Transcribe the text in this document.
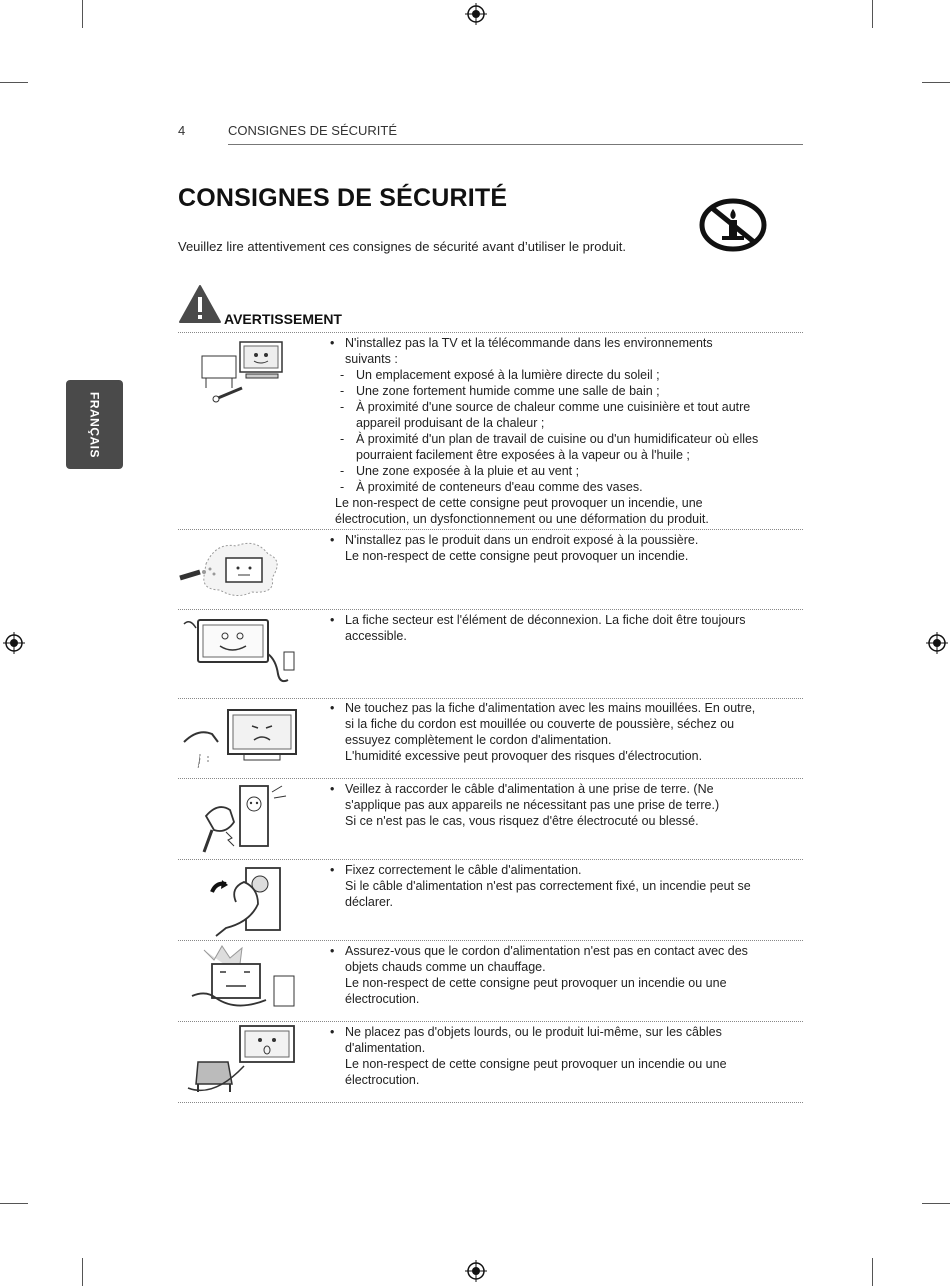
4	CONSIGNES DE SÉCURITÉ
CONSIGNES DE SÉCURITÉ
Veuillez lire attentivement ces consignes de sécurité avant d’utiliser le produit.
FRANÇAIS
AVERTISSEMENT
• N'installez pas la TV et la télécommande dans les environnements
suivants :
- Un emplacement exposé à la lumière directe du soleil ;
- Une zone fortement humide comme une salle de bain ;
- À proximité d'une source de chaleur comme une cuisinière et tout autre
appareil produisant de la chaleur ;
- À proximité d'un plan de travail de cuisine ou d'un humidificateur où elles
pourraient facilement être exposées à la vapeur ou à l'huile ;
- Une zone exposée à la pluie et au vent ;
- À proximité de conteneurs d'eau comme des vases.
Le non-respect de cette consigne peut provoquer un incendie, une
électrocution, un dysfonctionnement ou une déformation du produit.
• N'installez pas le produit dans un endroit exposé à la poussière.
Le non-respect de cette consigne peut provoquer un incendie.
• La fiche secteur est l'élément de déconnexion. La fiche doit être toujours
accessible.
• Ne touchez pas la fiche d'alimentation avec les mains mouillées. En outre,
si la fiche du cordon est mouillée ou couverte de poussière, séchez ou
essuyez complètement le cordon d'alimentation.
L'humidité excessive peut provoquer des risques d'électrocution.
• Veillez à raccorder le câble d'alimentation à une prise de terre. (Ne
s'applique pas aux appareils ne nécessitant pas une prise de terre.)
Si ce n'est pas le cas, vous risquez d'être électrocuté ou blessé.
• Fixez correctement le câble d'alimentation.
Si le câble d'alimentation n'est pas correctement fixé, un incendie peut se
déclarer.
• Assurez-vous que le cordon d'alimentation n'est pas en contact avec des
objets chauds comme un chauffage.
Le non-respect de cette consigne peut provoquer un incendie ou une
électrocution.
• Ne placez pas d'objets lourds, ou le produit lui-même, sur les câbles
d'alimentation.
Le non-respect de cette consigne peut provoquer un incendie ou une
électrocution.
